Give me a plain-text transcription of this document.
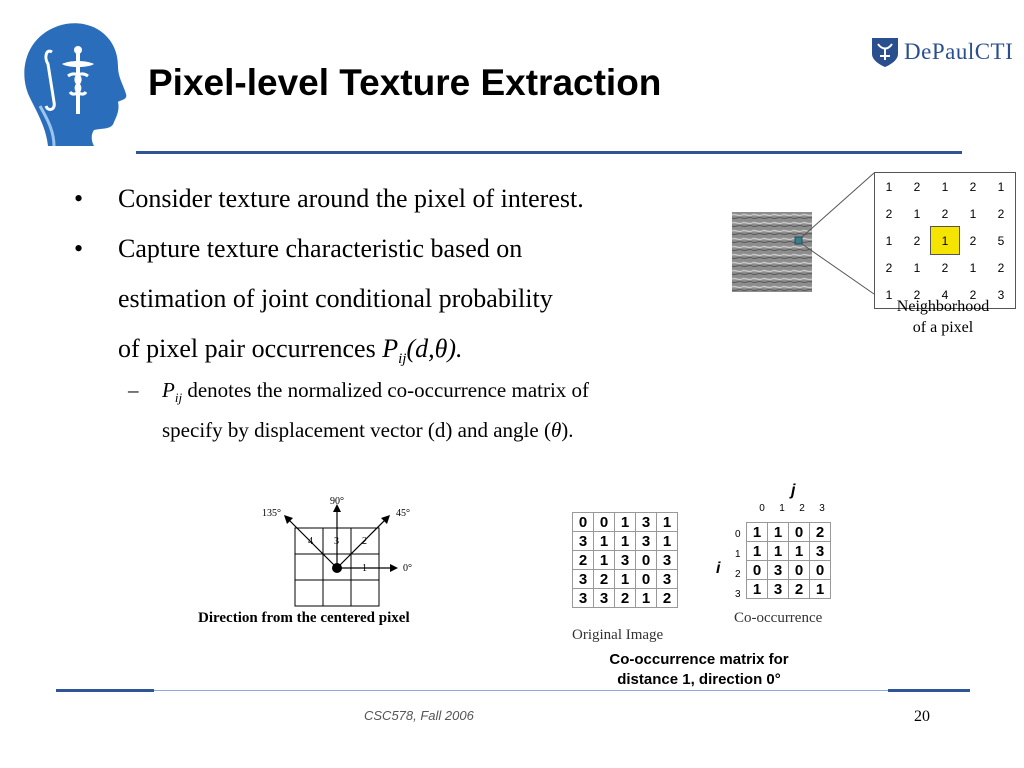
Pixel-level Texture Extraction
DePaulCTI
• Consider texture around the pixel of interest.
• Capture texture characteristic based on
estimation of joint conditional probability
of pixel pair occurrences $P_{ij}(d,\theta)$.
– $P_{ij}$ denotes the normalized co-occurrence matrix of
specify by displacement vector (d) and angle (θ).
1	2	1	2	1
2	1	2	1	2
1	2	1	2	5
2	1	2	1	2
1	2	4	2	3
Neighborhood
of a pixel
135°
90°
45°
0°
4 3 2
1
Direction from the centered pixel
0	0	1	3	1
3	1	1	3	1
2	1	3	0	3
3	2	1	0	3
3	3	2	1	2
Original Image
j
i
0	1	2	3
0
1
2
3
1	1	0	2
1	1	1	3
0	3	0	0
1	3	2	1
Co-occurrence
Co-occurrence matrix for
distance 1, direction 0°
CSC578, Fall 2006	20
